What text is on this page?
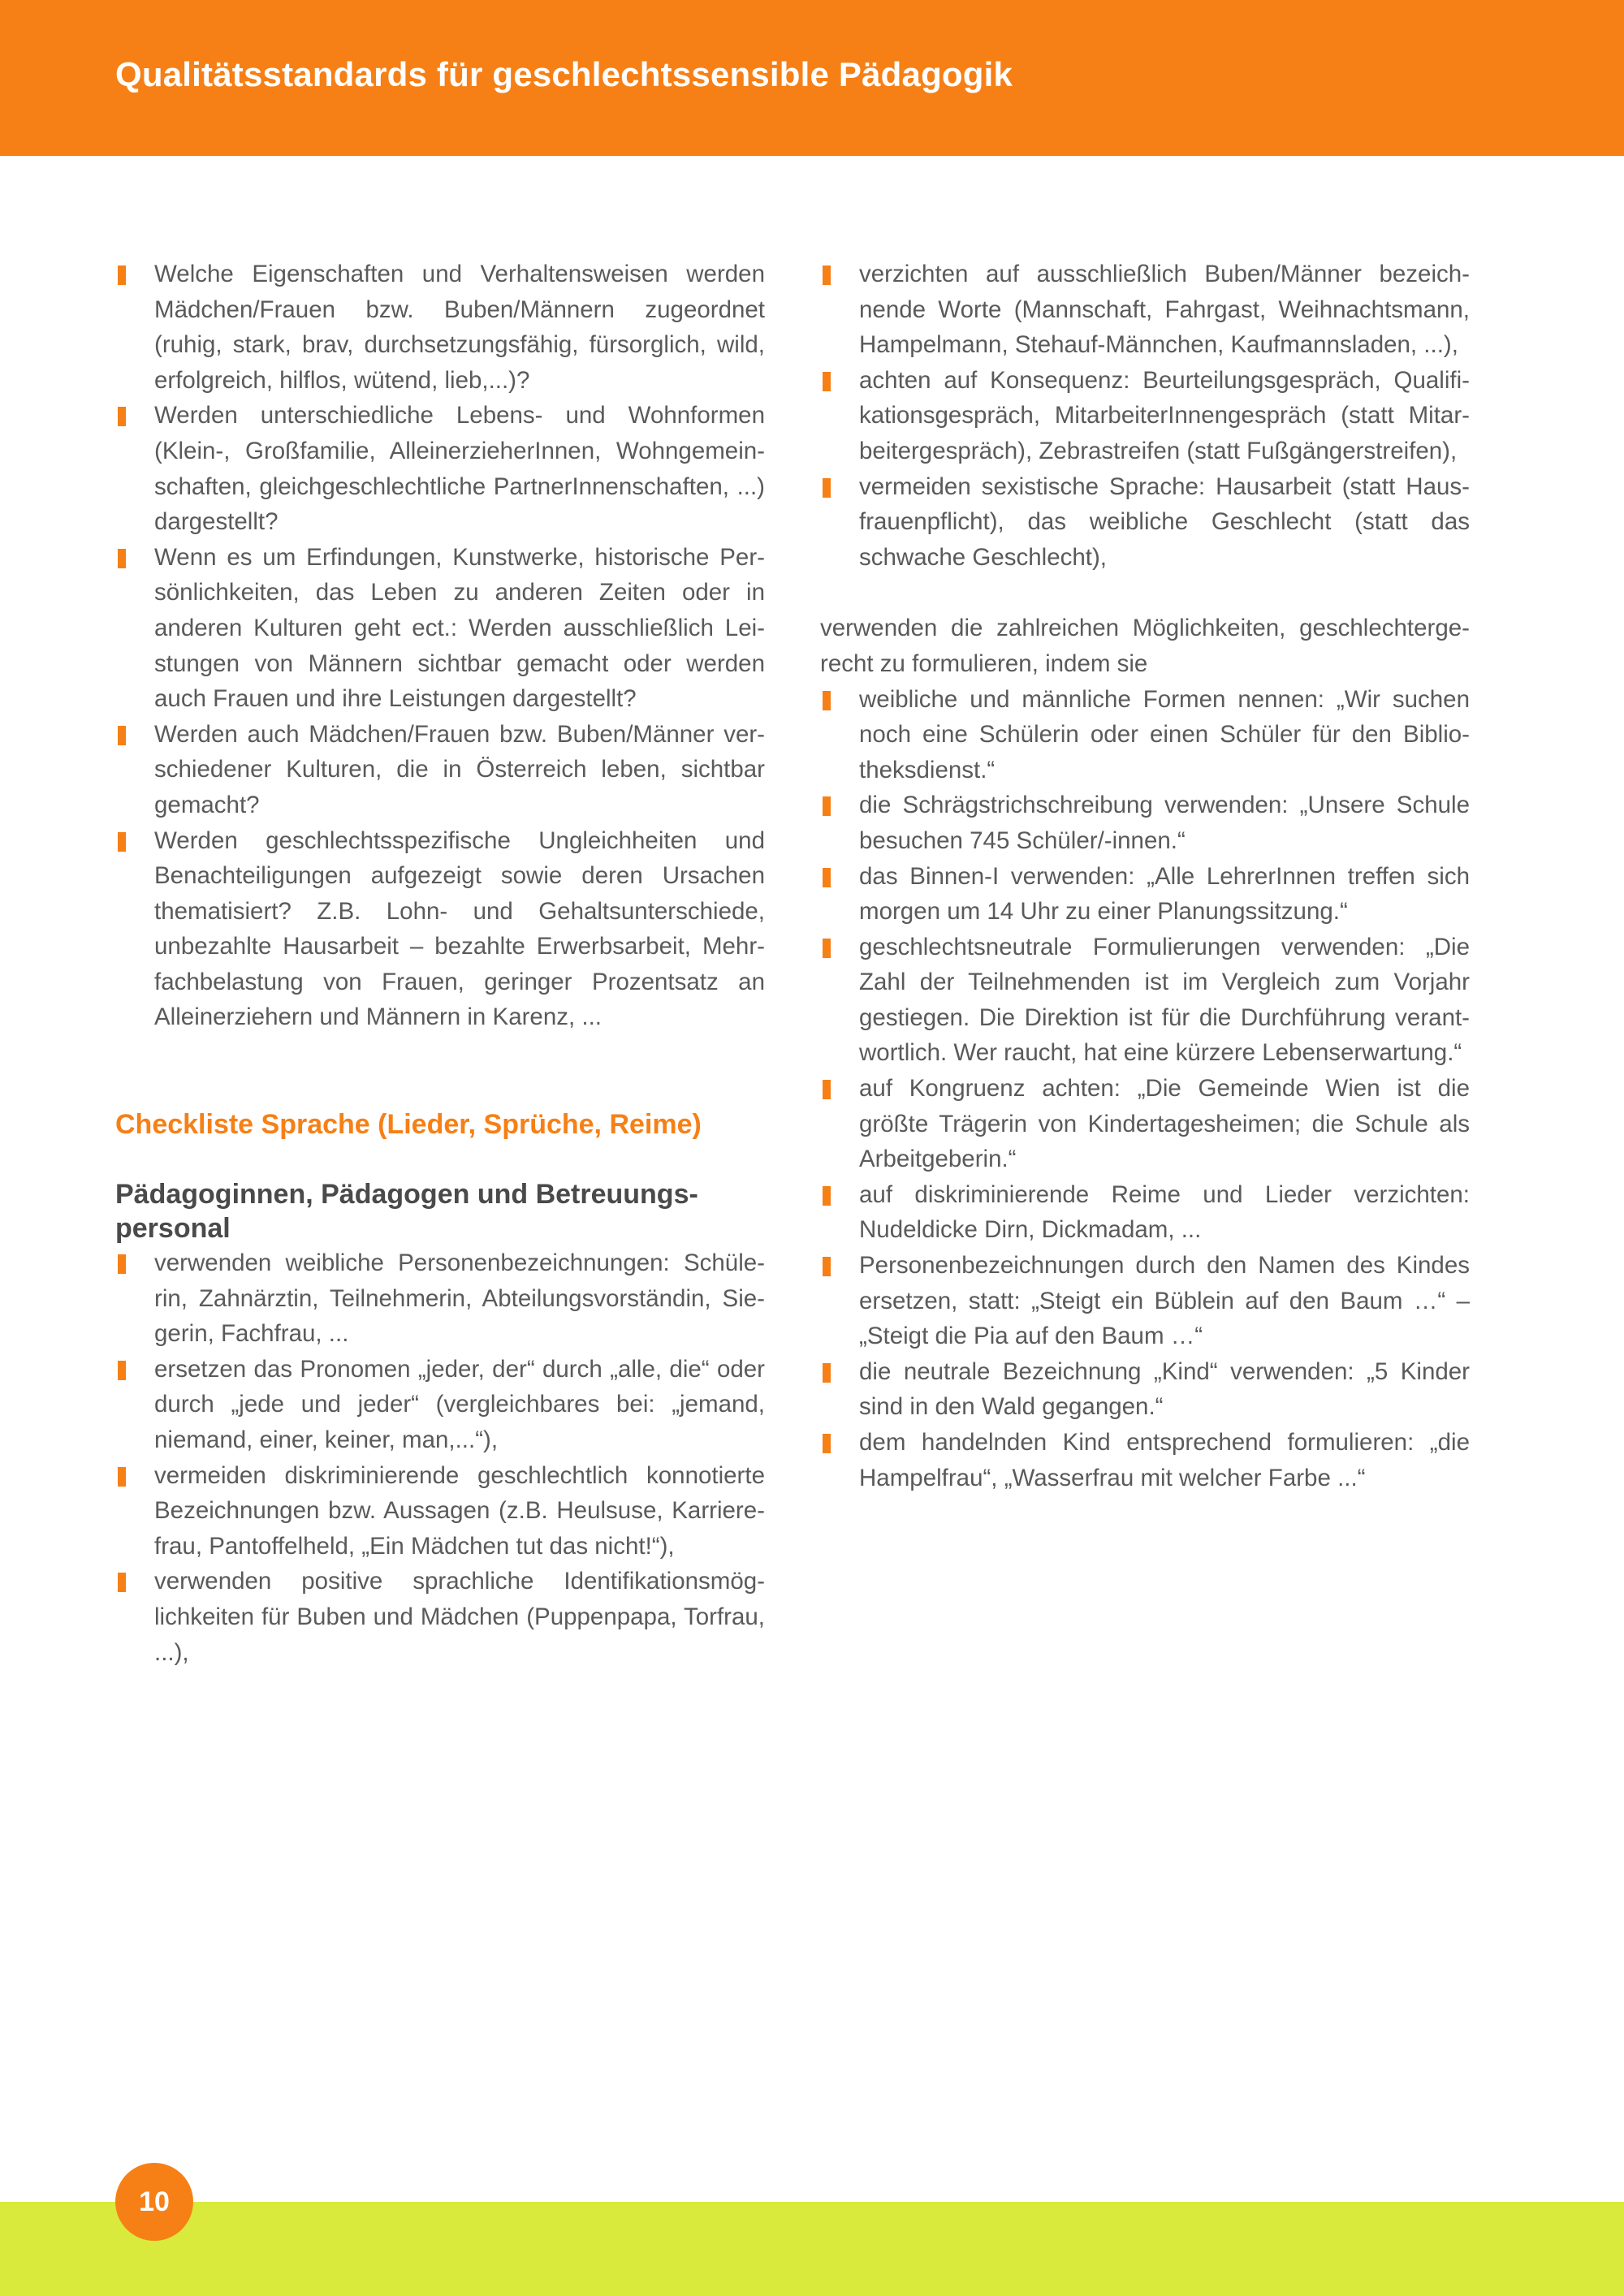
Qualitätsstandards für geschlechtssensible Pädagogik
Welche Eigenschaften und Verhaltensweisen werden Mädchen/Frauen bzw. Buben/Männern zugeordnet (ruhig, stark, brav, durchsetzungsfähig, fürsorglich, wild, erfolgreich, hilflos, wütend, lieb,...)?
Werden unterschiedliche Lebens- und Wohnformen (Klein-, Großfamilie, AlleinerzieherInnen, Wohngemeinschaften, gleichgeschlechtliche PartnerInnenschaften, ...) dargestellt?
Wenn es um Erfindungen, Kunstwerke, historische Persönlichkeiten, das Leben zu anderen Zeiten oder in anderen Kulturen geht ect.: Werden ausschließlich Leistungen von Männern sichtbar gemacht oder werden auch Frauen und ihre Leistungen dargestellt?
Werden auch Mädchen/Frauen bzw. Buben/Männer verschiedener Kulturen, die in Österreich leben, sichtbar gemacht?
Werden geschlechtsspezifische Ungleichheiten und Benachteiligungen aufgezeigt sowie deren Ursachen thematisiert? Z.B. Lohn- und Gehaltsunterschiede, unbezahlte Hausarbeit – bezahlte Erwerbsarbeit, Mehrfachbelastung von Frauen, geringer Prozentsatz an Alleinerziehern und Männern in Karenz, ...
Checkliste Sprache (Lieder, Sprüche, Reime)
Pädagoginnen, Pädagogen und Betreuungspersonal
verwenden weibliche Personenbezeichnungen: Schülerin, Zahnärztin, Teilnehmerin, Abteilungsvorständin, Siegerin, Fachfrau, ...
ersetzen das Pronomen „jeder, der“ durch „alle, die“ oder durch „jede und jeder“ (vergleichbares bei: „jemand, niemand, einer, keiner, man,...“),
vermeiden diskriminierende geschlechtlich konnotierte Bezeichnungen bzw. Aussagen (z.B. Heulsuse, Karrierefrau, Pantoffelheld, „Ein Mädchen tut das nicht!“),
verwenden positive sprachliche Identifikationsmöglichkeiten für Buben und Mädchen (Puppenpapa, Torfrau, ...),
verzichten auf ausschließlich Buben/Männer bezeichnende Worte (Mannschaft, Fahrgast, Weihnachtsmann, Hampelmann, Stehauf-Männchen, Kaufmannsladen, ...),
achten auf Konsequenz: Beurteilungsgespräch, Qualifikationsgespräch, MitarbeiterInnengespräch (statt Mitarbeitergespräch), Zebrastreifen (statt Fußgängerstreifen),
vermeiden sexistische Sprache: Hausarbeit (statt Hausfrauenpflicht), das weibliche Geschlecht (statt das schwache Geschlecht),
verwenden die zahlreichen Möglichkeiten, geschlechtergerecht zu formulieren, indem sie
weibliche und männliche Formen nennen: „Wir suchen noch eine Schülerin oder einen Schüler für den Bibliotheksdienst.“
die Schrägstrichschreibung verwenden: „Unsere Schule besuchen 745 Schüler/-innen.“
das Binnen-I verwenden: „Alle LehrerInnen treffen sich morgen um 14 Uhr zu einer Planungssitzung.“
geschlechtsneutrale Formulierungen verwenden: „Die Zahl der Teilnehmenden ist im Vergleich zum Vorjahr gestiegen. Die Direktion ist für die Durchführung verantwortlich. Wer raucht, hat eine kürzere Lebenserwartung.“
auf Kongruenz achten: „Die Gemeinde Wien ist die größte Trägerin von Kindertagesheimen; die Schule als Arbeitgeberin.“
auf diskriminierende Reime und Lieder verzichten: Nudeldicke Dirn, Dickmadam, ...
Personenbezeichnungen durch den Namen des Kindes ersetzen, statt: „Steigt ein Büblein auf den Baum …“ – „Steigt die Pia auf den Baum …“
die neutrale Bezeichnung „Kind“ verwenden: „5 Kinder sind in den Wald gegangen.“
dem handelnden Kind entsprechend formulieren: „die Hampelfrau“, „Wasserfrau mit welcher Farbe ...“
10
